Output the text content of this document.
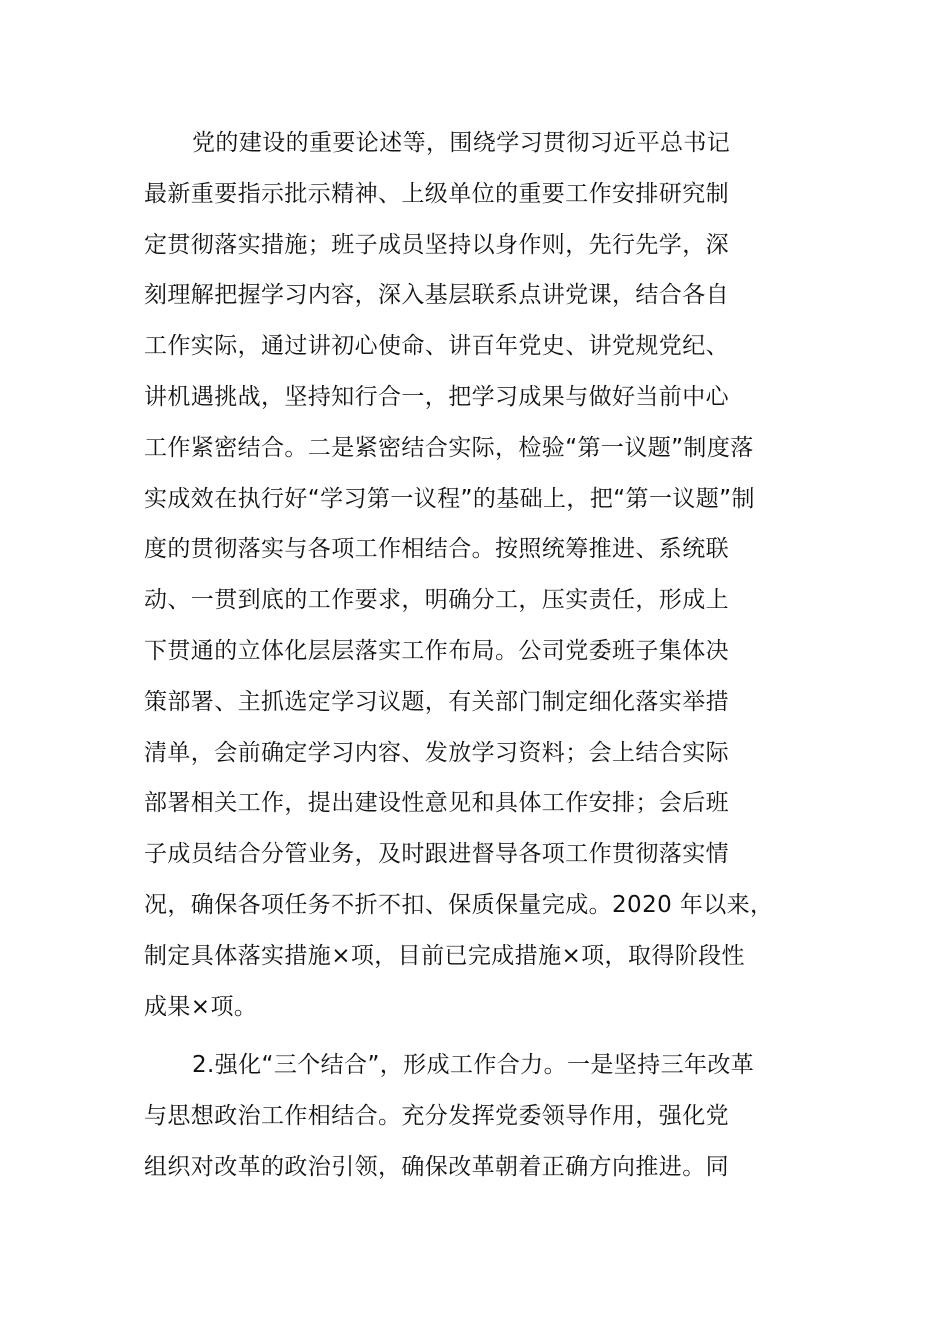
党的建设的重要论述等，围绕学习贯彻习近平总书记
最新重要指示批示精神、上级单位的重要工作安排研究制
定贯彻落实措施；班子成员坚持以身作则，先行先学，深
刻理解把握学习内容，深入基层联系点讲党课，结合各自
工作实际，通过讲初心使命、讲百年党史、讲党规党纪、
讲机遇挑战，坚持知行合一，把学习成果与做好当前中心
工作紧密结合。二是紧密结合实际，检验“第一议题”制度落
实成效在执行好“学习第一议程”的基础上，把“第一议题”制
度的贯彻落实与各项工作相结合。按照统筹推进、系统联
动、一贯到底的工作要求，明确分工，压实责任，形成上
下贯通的立体化层层落实工作布局。公司党委班子集体决
策部署、主抓选定学习议题，有关部门制定细化落实举措
清单，会前确定学习内容、发放学习资料；会上结合实际
部署相关工作，提出建设性意见和具体工作安排；会后班
子成员结合分管业务，及时跟进督导各项工作贯彻落实情
况，确保各项任务不折不扣、保质保量完成。2020 年以来，
制定具体落实措施×项，目前已完成措施×项，取得阶段性
成果×项。
2.强化“三个结合”，形成工作合力。一是坚持三年改革
与思想政治工作相结合。充分发挥党委领导作用，强化党
组织对改革的政治引领，确保改革朝着正确方向推进。同
